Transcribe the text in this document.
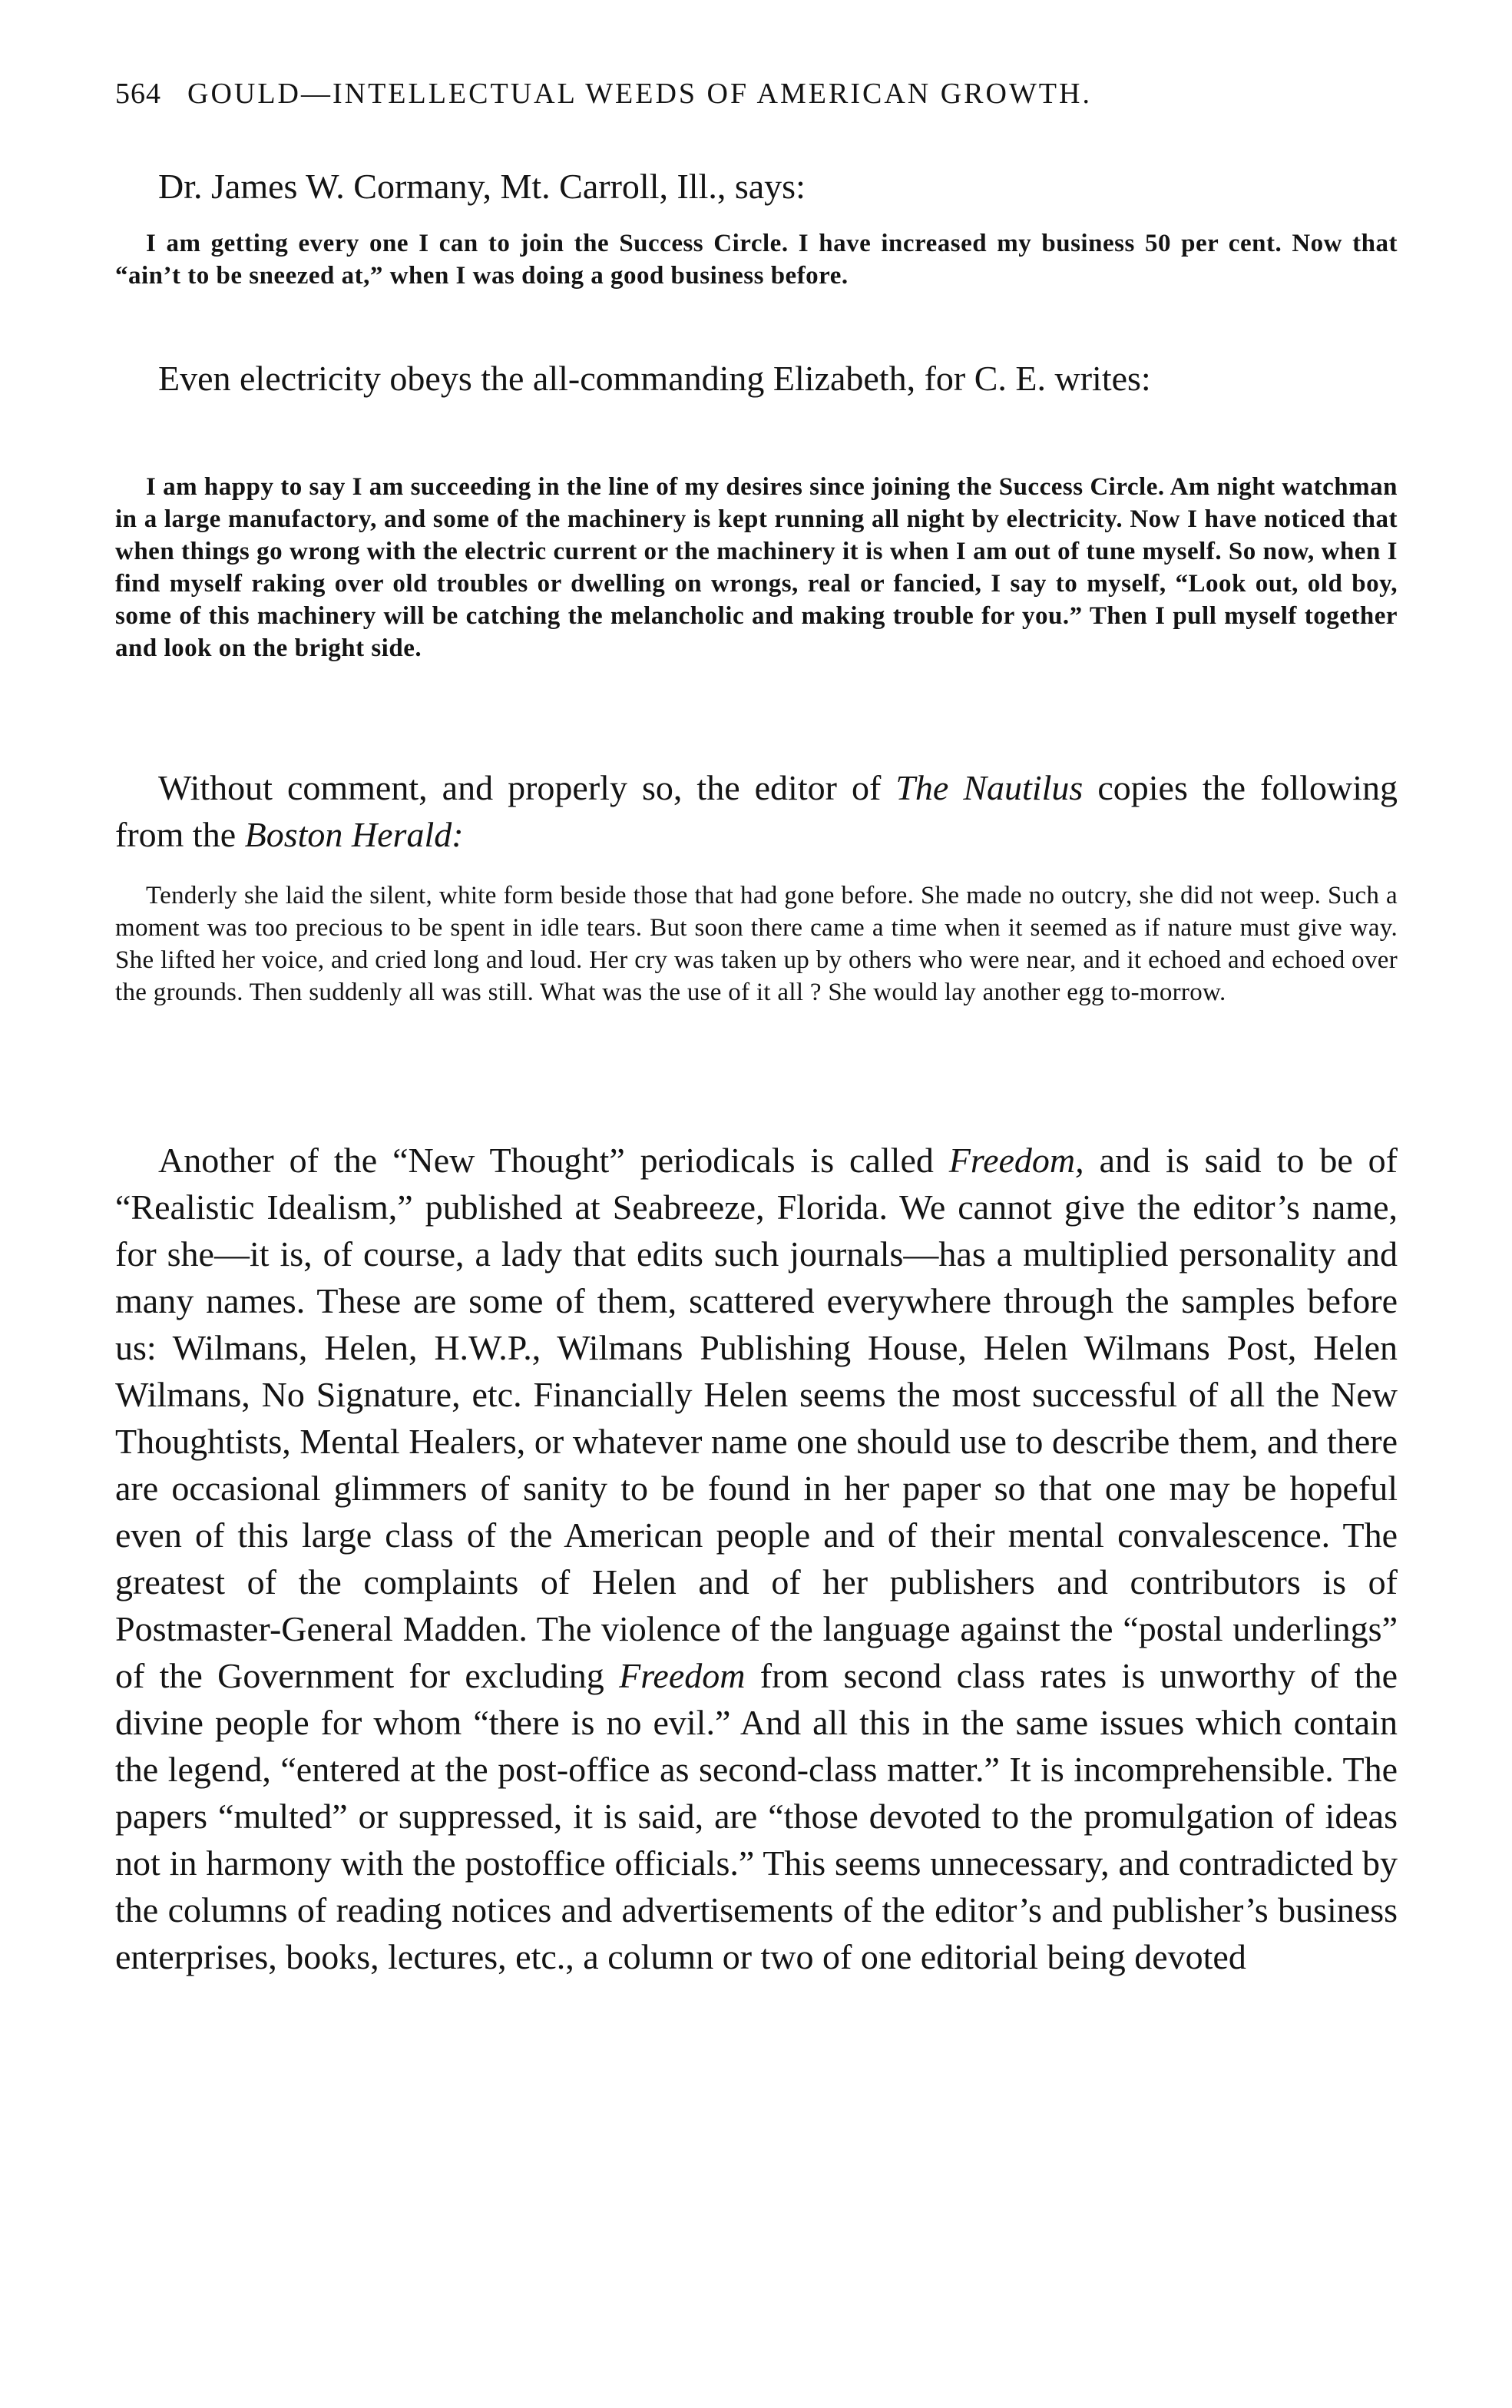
564 GOULD—INTELLECTUAL WEEDS OF AMERICAN GROWTH.

Dr. James W. Cormany, Mt. Carroll, Ill., says:

I am getting every one I can to join the Success Circle. I have increased my business 50 per cent. Now that “ain’t to be sneezed at,” when I was doing a good business before.

Even electricity obeys the all-commanding Elizabeth, for C. E. writes:

I am happy to say I am succeeding in the line of my desires since joining the Success Circle. Am night watchman in a large manufactory, and some of the machinery is kept running all night by electricity. Now I have noticed that when things go wrong with the electric current or the machinery it is when I am out of tune myself. So now, when I find myself raking over old troubles or dwelling on wrongs, real or fancied, I say to myself, “Look out, old boy, some of this machinery will be catching the melancholic and making trouble for you.” Then I pull myself together and look on the bright side.

Without comment, and properly so, the editor of The Nautilus copies the following from the Boston Herald:

Tenderly she laid the silent, white form beside those that had gone before. She made no outcry, she did not weep. Such a moment was too precious to be spent in idle tears. But soon there came a time when it seemed as if nature must give way. She lifted her voice, and cried long and loud. Her cry was taken up by others who were near, and it echoed and echoed over the grounds. Then suddenly all was still. What was the use of it all ? She would lay another egg to-morrow.

Another of the “New Thought” periodicals is called Freedom, and is said to be of “Realistic Idealism,” published at Seabreeze, Florida. We cannot give the editor’s name, for she—it is, of course, a lady that edits such journals—has a multiplied personality and many names. These are some of them, scattered everywhere through the samples before us: Wilmans, Helen, H.W.P., Wilmans Publishing House, Helen Wilmans Post, Helen Wilmans, No Signature, etc. Financially Helen seems the most successful of all the New Thoughtists, Mental Healers, or whatever name one should use to describe them, and there are occasional glimmers of sanity to be found in her paper so that one may be hopeful even of this large class of the American people and of their mental convalescence. The greatest of the complaints of Helen and of her publishers and contributors is of Postmaster-General Madden. The violence of the language against the “postal underlings” of the Government for excluding Freedom from second class rates is unworthy of the divine people for whom “there is no evil.” And all this in the same issues which contain the legend, “entered at the post-office as second-class matter.” It is incomprehensible. The papers “multed” or suppressed, it is said, are “those devoted to the promulgation of ideas not in harmony with the postoffice officials.” This seems unnecessary, and contradicted by the columns of reading notices and advertisements of the editor’s and publisher’s business enterprises, books, lectures, etc., a column or two of one editorial being devoted
